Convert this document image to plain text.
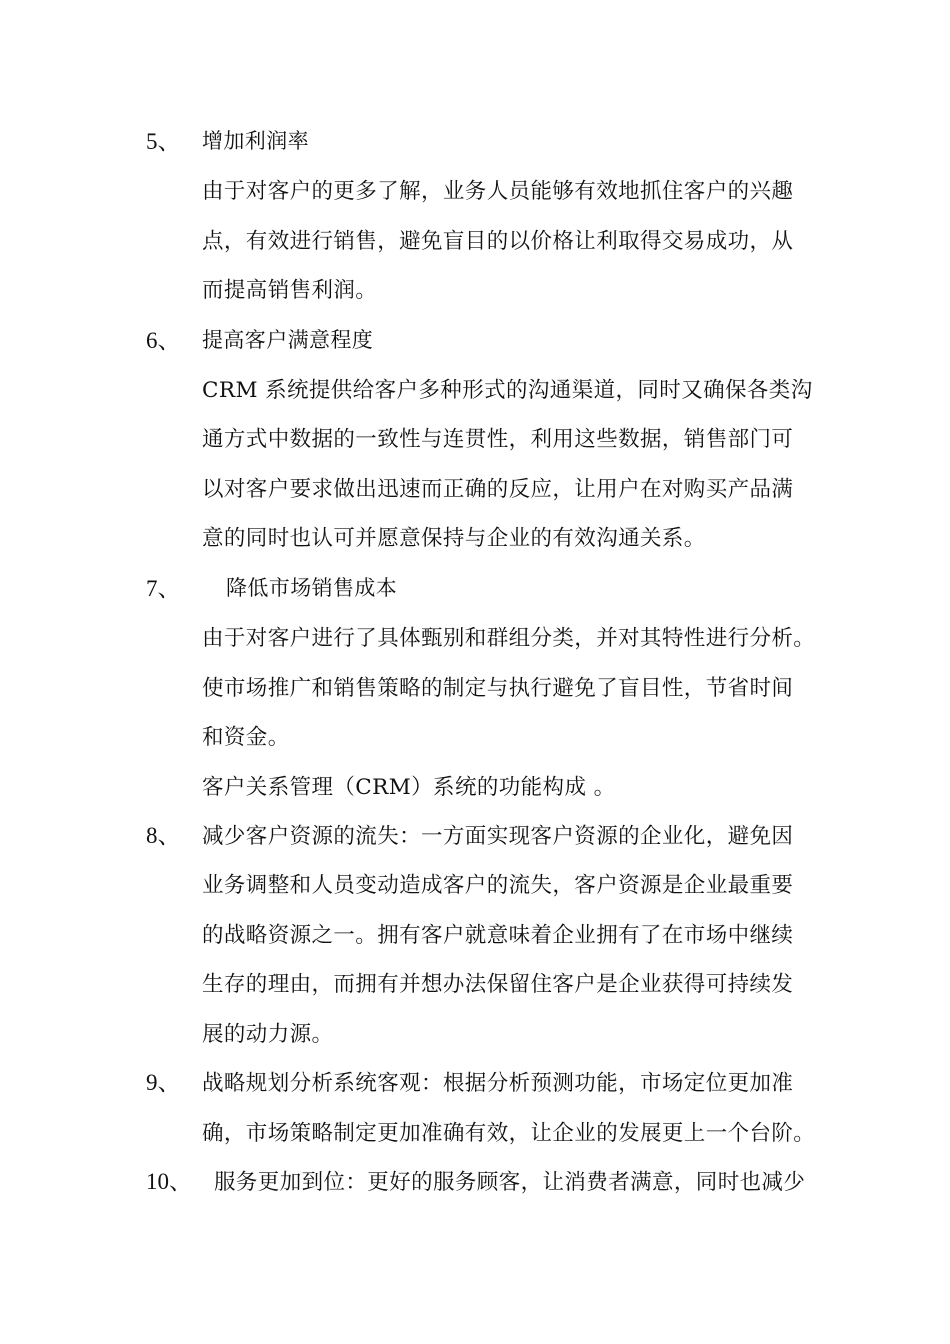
5、 增加利润率
由于对客户的更多了解，业务人员能够有效地抓住客户的兴趣
点，有效进行销售，避免盲目的以价格让利取得交易成功，从
而提高销售利润。
6、 提高客户满意程度
CRM 系统提供给客户多种形式的沟通渠道，同时又确保各类沟
通方式中数据的一致性与连贯性，利用这些数据，销售部门可
以对客户要求做出迅速而正确的反应，让用户在对购买产品满
意的同时也认可并愿意保持与企业的有效沟通关系。
7、 降低市场销售成本
由于对客户进行了具体甄别和群组分类，并对其特性进行分析。
使市场推广和销售策略的制定与执行避免了盲目性，节省时间
和资金。
客户关系管理（CRM）系统的功能构成 。
8、 减少客户资源的流失：一方面实现客户资源的企业化，避免因
业务调整和人员变动造成客户的流失，客户资源是企业最重要
的战略资源之一。拥有客户就意味着企业拥有了在市场中继续
生存的理由，而拥有并想办法保留住客户是企业获得可持续发
展的动力源。
9、 战略规划分析系统客观：根据分析预测功能，市场定位更加准
确，市场策略制定更加准确有效，让企业的发展更上一个台阶。
10、 服务更加到位：更好的服务顾客，让消费者满意，同时也减少
